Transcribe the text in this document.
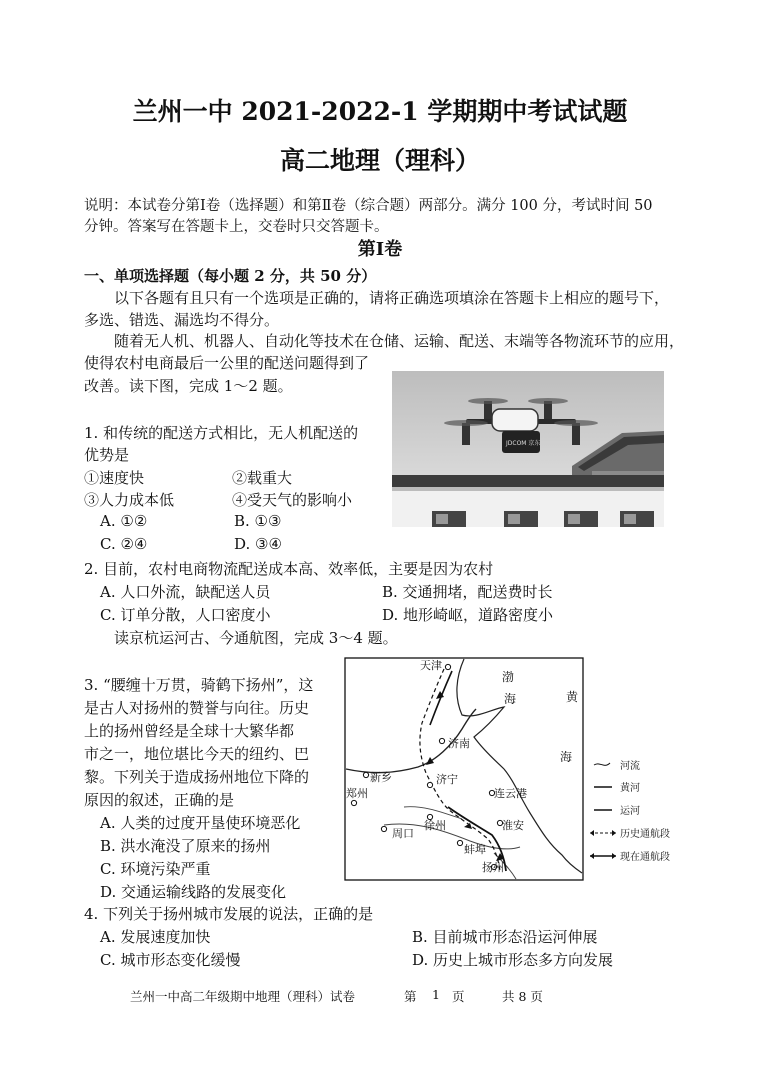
兰州一中 2021-2022-1 学期期中考试试题
高二地理（理科）
说明：本试卷分第Ⅰ卷（选择题）和第Ⅱ卷（综合题）两部分。满分 100 分，考试时间 50
分钟。答案写在答题卡上，交卷时只交答题卡。
第Ⅰ卷
一、单项选择题（每小题 2 分，共 50 分）
以下各题有且只有一个选项是正确的，请将正确选项填涂在答题卡上相应的题号下，
多选、错选、漏选均不得分。
随着无人机、机器人、自动化等技术在仓储、运输、配送、末端等各物流环节的应用，
使得农村电商最后一公里的配送问题得到了
改善。读下图，完成 1～2 题。
JDCOM 京东
1. 和传统的配送方式相比，无人机配送的
优势是
①速度快	②载重大
③人力成本低	④受天气的影响小
A. ①②	B. ①③
C. ②④	D. ③④
2. 目前，农村电商物流配送成本高、效率低，主要是因为农村
A. 人口外流，缺配送人员	B. 交通拥堵，配送费时长
C. 订单分散，人口密度小	D. 地形崎岖，道路密度小
读京杭运河古、今通航图，完成 3～4 题。
3. “腰缠十万贯，骑鹤下扬州”，这
是古人对扬州的赞誉与向往。历史
上的扬州曾经是全球十大繁华都
市之一，地位堪比今天的纽约、巴
黎。下列关于造成扬州地位下降的
原因的叙述，正确的是
A. 人类的过度开垦使环境恶化
B. 洪水淹没了原来的扬州
C. 环境污染严重
D. 交通运输线路的发展变化
天津
济南
新乡	济宁
郑州
徐州
连云港
周口
淮安
蚌埠
扬州
渤
海	黄
海
河流
黄河
运河
历史通航段
现在通航段
4. 下列关于扬州城市发展的说法，正确的是
A. 发展速度加快	B. 目前城市形态沿运河伸展
C. 城市形态变化缓慢	D. 历史上城市形态多方向发展
兰州一中高二年级期中地理（理科）试卷	第 1 页	共 8 页
